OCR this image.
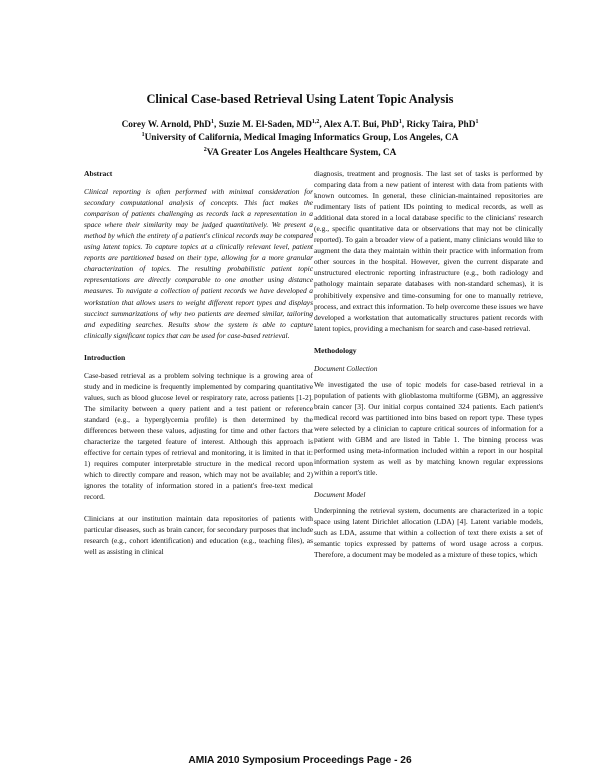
Clinical Case-based Retrieval Using Latent Topic Analysis
Corey W. Arnold, PhD$^1$, Suzie M. El-Saden, MD$^{1,2}$, Alex A.T. Bui, PhD$^1$, Ricky Taira, PhD$^1$
$^1$University of California, Medical Imaging Informatics Group, Los Angeles, CA
$^2$VA Greater Los Angeles Healthcare System, CA
Abstract

Clinical reporting is often performed with minimal consideration for secondary computational analysis of concepts. This fact makes the comparison of patients challenging as records lack a representation in a space where their similarity may be judged quantitatively. We present a method by which the entirety of a patient's clinical records may be compared using latent topics. To capture topics at a clinically relevant level, patient reports are partitioned based on their type, allowing for a more granular characterization of topics. The resulting probabilistic patient topic representations are directly comparable to one another using distance measures. To navigate a collection of patient records we have developed a workstation that allows users to weight different report types and displays succinct summarizations of why two patients are deemed similar, tailoring and expediting searches. Results show the system is able to capture clinically significant topics that can be used for case-based retrieval.

Introduction

Case-based retrieval as a problem solving technique is a growing area of study and in medicine is frequently implemented by comparing quantitative values, such as blood glucose level or respiratory rate, across patients [1-2]. The similarity between a query patient and a test patient or reference standard (e.g., a hyperglycemia profile) is then determined by the differences between these values, adjusting for time and other factors that characterize the targeted feature of interest. Although this approach is effective for certain types of retrieval and monitoring, it is limited in that it: 1) requires computer interpretable structure in the medical record upon which to directly compare and reason, which may not be available; and 2) ignores the totality of information stored in a patient's free-text medical record.

Clinicians at our institution maintain data repositories of patients with particular diseases, such as brain cancer, for secondary purposes that include research (e.g., cohort identification) and education (e.g., teaching files), as well as assisting in clinical

diagnosis, treatment and prognosis. The last set of tasks is performed by comparing data from a new patient of interest with data from patients with known outcomes. In general, these clinician-maintained repositories are rudimentary lists of patient IDs pointing to medical records, as well as additional data stored in a local database specific to the clinicians' research (e.g., specific quantitative data or observations that may not be clinically reported). To gain a broader view of a patient, many clinicians would like to augment the data they maintain within their practice with information from other sources in the hospital. However, given the current disparate and unstructured electronic reporting infrastructure (e.g., both radiology and pathology maintain separate databases with non-standard schemas), it is prohibitively expensive and time-consuming for one to manually retrieve, process, and extract this information. To help overcome these issues we have developed a workstation that automatically structures patient records with latent topics, providing a mechanism for search and case-based retrieval.

Methodology
Document Collection

We investigated the use of topic models for case-based retrieval in a population of patients with glioblastoma multiforme (GBM), an aggressive brain cancer [3]. Our initial corpus contained 324 patients. Each patient's medical record was partitioned into bins based on report type. These types were selected by a clinician to capture critical sources of information for a patient with GBM and are listed in Table 1. The binning process was performed using meta-information included within a report in our hospital information system as well as by matching known regular expressions within a report's title.

Document Model

Underpinning the retrieval system, documents are characterized in a topic space using latent Dirichlet allocation (LDA) [4]. Latent variable models, such as LDA, assume that within a collection of text there exists a set of semantic topics expressed by patterns of word usage across a corpus. Therefore, a document may be modeled as a mixture of these topics, which

AMIA 2010 Symposium Proceedings Page - 26
